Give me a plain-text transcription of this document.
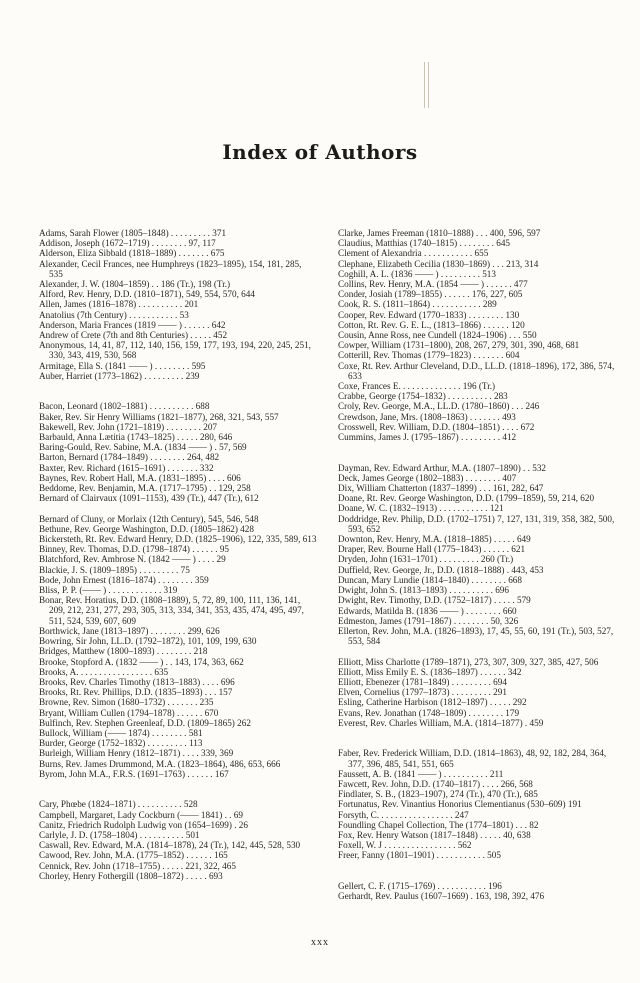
Index of Authors

Adams, Sarah Flower (1805–1848) . . . . . . . . . 371

Addison, Joseph (1672–1719) . . . . . . . . 97, 117

Alderson, Eliza Sibbald (1818–1889) . . . . . . . 675

Alexander, Cecil Frances, nee Humphreys (1823–1895), 154, 181, 285, 535

Alexander, J. W. (1804–1859) . . 186 (Tr.), 198 (Tr.)

Alford, Rev. Henry, D.D. (1810–1871), 549, 554, 570, 644

Allen, James (1816–1878) . . . . . . . . . . 201

Anatolius (7th Century) . . . . . . . . . . . 53

Anderson, Maria Frances (1819 —— ) . . . . . . 642

Andrew of Crete (7th and 8th Centuries) . . . . . 452

Anonymous, 14, 41, 87, 112, 140, 156, 159, 177, 193, 194, 220, 245, 251, 330, 343, 419, 530, 568

Armitage, Ella S. (1841 —— ) . . . . . . . . 595

Auber, Harriet (1773–1862) . . . . . . . . . 239

Bacon, Leonard (1802–1881) . . . . . . . . . . 688

Baker, Rev. Sir Henry Williams (1821–1877), 268, 321, 543, 557

Bakewell, Rev. John (1721–1819) . . . . . . . . 207

Barbauld, Anna Lætitia (1743–1825) . . . . . 280, 646

Baring-Gould, Rev. Sabine, M.A. (1834 —— ) . 57, 569

Barton, Bernard (1784–1849) . . . . . . . . 264, 482

Baxter, Rev. Richard (1615–1691) . . . . . . . 332

Baynes, Rev. Robert Hall, M.A. (1831–1895) . . . . 606

Beddome, Rev. Benjamin, M.A. (1717–1795) . . 129, 258

Bernard of Clairvaux (1091–1153), 439 (Tr.), 447 (Tr.), 612

Bernard of Cluny, or Morlaix (12th Century), 545, 546, 548

Bethune, Rev. George Washington, D.D. (1805–1862) 428

Bickersteth, Rt. Rev. Edward Henry, D.D. (1825–1906), 122, 335, 589, 613

Binney, Rev. Thomas, D.D. (1798–1874) . . . . . . 95

Blatchford, Rev. Ambrose N. (1842 —— ) . . . . 29

Blackie, J. S. (1809–1895) . . . . . . . . . 75

Bode, John Ernest (1816–1874) . . . . . . . . 359

Bliss, P. P. (—— ) . . . . . . . . . . . . 319

Bonar, Rev. Horatius, D.D. (1808–1889), 5, 72, 89, 100, 111, 136, 141, 209, 212, 231, 277, 293, 305, 313, 334, 341, 353, 435, 474, 495, 497, 511, 524, 539, 607, 609

Borthwick, Jane (1813–1897) . . . . . . . . 299, 626

Bowring, Sir John, LL.D. (1792–1872), 101, 109, 199, 630

Bridges, Matthew (1800–1893) . . . . . . . . 218

Brooke, Stopford A. (1832 —— ) . . 143, 174, 363, 662

Brooks, A. . . . . . . . . . . . . . . . . 635

Brooks, Rev. Charles Timothy (1813–1883) . . . . 696

Brooks, Rt. Rev. Phillips, D.D. (1835–1893) . . . 157

Browne, Rev. Simon (1680–1732) . . . . . . . 235

Bryant, William Cullen (1794–1878) . . . . . . 670

Bulfinch, Rev. Stephen Greenleaf, D.D. (1809–1865) 262

Bullock, William (—— 1874) . . . . . . . . 581

Burder, George (1752–1832) . . . . . . . . . 113

Burleigh, William Henry (1812–1871) . . . . 339, 369

Burns, Rev. James Drummond, M.A. (1823–1864), 486, 653, 666

Byrom, John M.A., F.R.S. (1691–1763) . . . . . . 167

Cary, Phœbe (1824–1871) . . . . . . . . . . 528

Campbell, Margaret, Lady Cockburn (—— 1841) . . 69

Canitz, Friedrich Rudolph Ludwig von (1654–1699) . 26

Carlyle, J. D. (1758–1804) . . . . . . . . . . 501

Caswall, Rev. Edward, M.A. (1814–1878), 24 (Tr.), 142, 445, 528, 530

Cawood, Rev. John, M.A. (1775–1852) . . . . . . 165

Cennick, Rev. John (1718–1755) . . . . . 221, 322, 465

Chorley, Henry Fothergill (1808–1872) . . . . . 693

Clarke, James Freeman (1810–1888) . . . 400, 596, 597

Claudius, Matthias (1740–1815) . . . . . . . . 645

Clement of Alexandria . . . . . . . . . . . 655

Clephane, Elizabeth Cecilia (1830–1869) . . . 213, 314

Coghill, A. L. (1836 —— ) . . . . . . . . . 513

Collins, Rev. Henry, M.A. (1854 —— ) . . . . . . 477

Conder, Josiah (1789–1855) . . . . . . 176, 227, 605

Cook, R. S. (1811–1864) . . . . . . . . . . . 289

Cooper, Rev. Edward (1770–1833) . . . . . . . . 130

Cotton, Rt. Rev. G. E. L., (1813–1866) . . . . . . 120

Cousin, Anne Ross, nee Cundell (1824–1906) . . . 550

Cowper, William (1731–1800), 208, 267, 279, 301, 390, 468, 681

Cotterill, Rev. Thomas (1779–1823) . . . . . . . 604

Coxe, Rt. Rev. Arthur Cleveland, D.D., LL.D. (1818–1896), 172, 386, 574, 633

Coxe, Frances E. . . . . . . . . . . . . . 196 (Tr.)

Crabbe, George (1754–1832) . . . . . . . . . . 283

Croly, Rev. George, M.A., LL.D. (1780–1860) . . . 246

Crewdson, Jane, Mrs. (1808–1863) . . . . . . . 493

Crosswell, Rev. William, D.D. (1804–1851) . . . . 672

Cummins, James J. (1795–1867) . . . . . . . . . 412

Dayman, Rev. Edward Arthur, M.A. (1807–1890) . . 532

Deck, James George (1802–1883) . . . . . . . . 407

Dix, William Chatterton (1837–1899) . . . 161, 282, 647

Doane, Rt. Rev. George Washington, D.D. (1799–1859), 59, 214, 620

Doane, W. C. (1832–1913) . . . . . . . . . . . 121

Doddridge, Rev. Philip, D.D. (1702–1751) 7, 127, 131, 319, 358, 382, 500, 593, 652

Downton, Rev. Henry, M.A. (1818–1885) . . . . . 649

Draper, Rev. Bourne Hall (1775–1843) . . . . . . 621

Dryden, John (1631–1701) . . . . . . . . . 260 (Tr.)

Duffield, Rev. George, Jr., D.D. (1818–1888) . 443, 453

Duncan, Mary Lundie (1814–1840) . . . . . . . . 668

Dwight, John S. (1813–1893) . . . . . . . . . . 696

Dwight, Rev. Timothy, D.D. (1752–1817) . . . . . 579

Edwards, Matilda B. (1836 —— ) . . . . . . . . 660

Edmeston, James (1791–1867) . . . . . . . . 50, 326

Ellerton, Rev. John, M.A. (1826–1893), 17, 45, 55, 60, 191 (Tr.), 503, 527, 553, 584

Elliott, Miss Charlotte (1789–1871), 273, 307, 309, 327, 385, 427, 506

Elliott, Miss Emily E. S. (1836–1897) . . . . . . 342

Elliott, Ebenezer (1781–1849) . . . . . . . . . 694

Elven, Cornelius (1797–1873) . . . . . . . . . 291

Esling, Catherine Harbison (1812–1897) . . . . . 292

Evans, Rev. Jonathan (1748–1809) . . . . . . . . 179

Everest, Rev. Charles William, M.A. (1814–1877) . 459

Faber, Rev. Frederick William, D.D. (1814–1863), 48, 92, 182, 284, 364, 377, 396, 485, 541, 551, 665

Faussett, A. B. (1841 —— ) . . . . . . . . . . 211

Fawcett, Rev. John, D.D. (1740–1817) . . . . 266, 568

Findlater, S. B., (1823–1907), 274 (Tr.), 470 (Tr.), 685

Fortunatus, Rev. Vinantius Honorius Clementianus (530–609) 191

Forsyth, C. . . . . . . . . . . . . . . . . 247

Foundling Chapel Collection, The (1774–1801) . . . 82

Fox, Rev. Henry Watson (1817–1848) . . . . . 40, 638

Foxell, W. J . . . . . . . . . . . . . . . . 562

Freer, Fanny (1801–1901) . . . . . . . . . . . 505

Gellert, C. F. (1715–1769) . . . . . . . . . . . 196

Gerhardt, Rev. Paulus (1607–1669) . 163, 198, 392, 476

xxx
